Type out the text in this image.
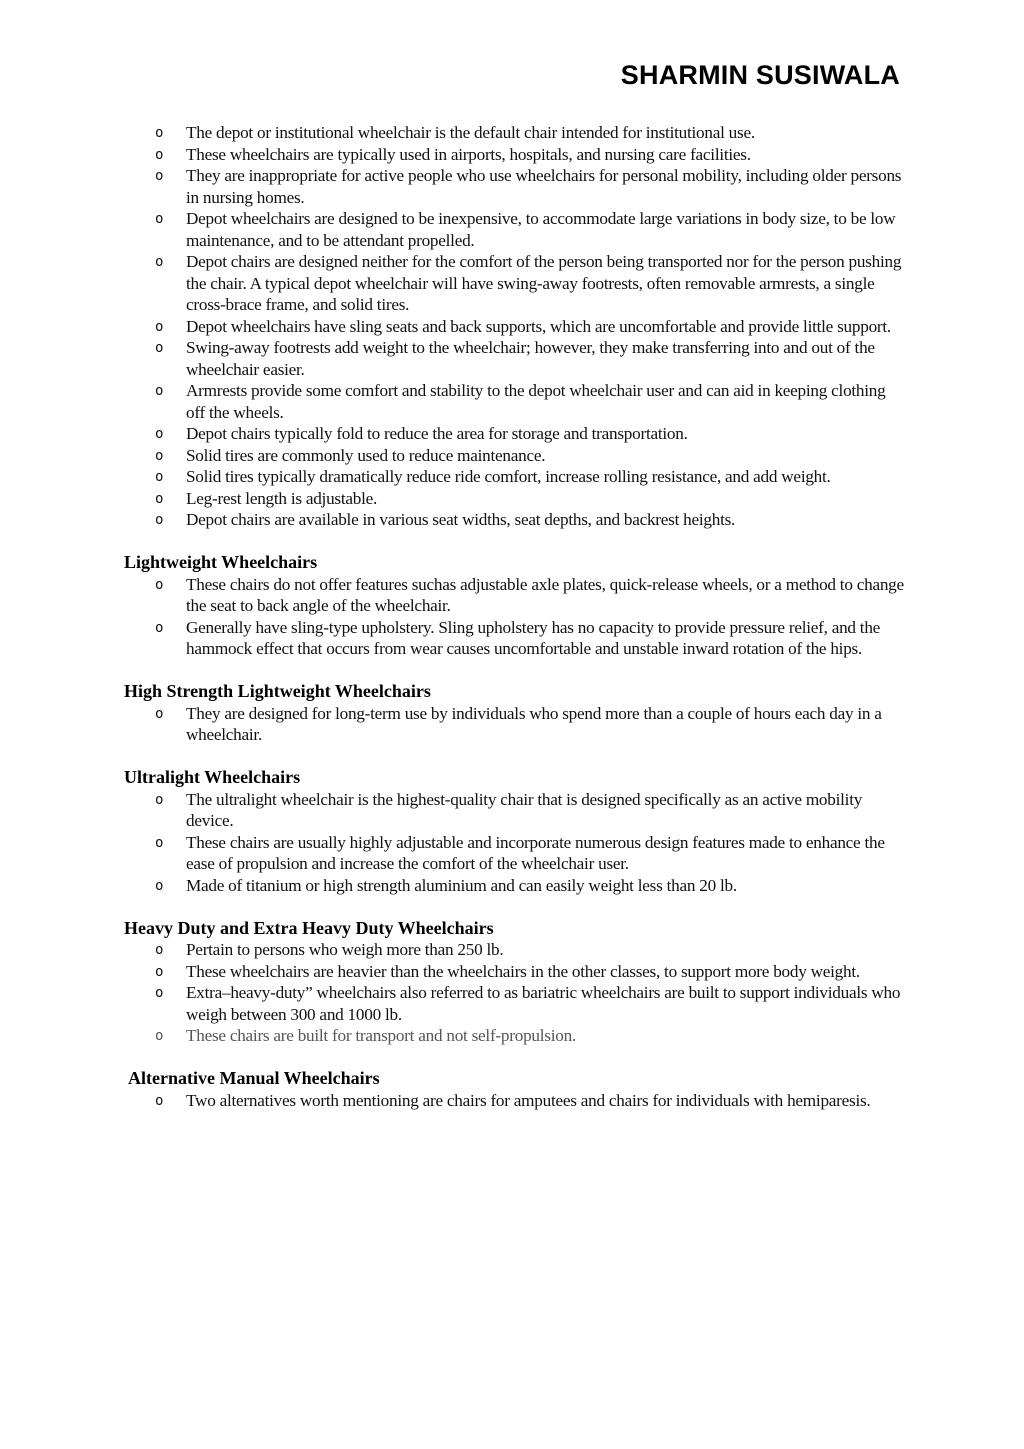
SHARMIN SUSIWALA
o The depot or institutional wheelchair is the default chair intended for institutional use.
o These wheelchairs are typically used in airports, hospitals, and nursing care facilities.
o They are inappropriate for active people who use wheelchairs for personal mobility, including older persons in nursing homes.
o Depot wheelchairs are designed to be inexpensive, to accommodate large variations in body size, to be low maintenance, and to be attendant propelled.
o Depot chairs are designed neither for the comfort of the person being transported nor for the person pushing the chair. A typical depot wheelchair will have swing-away footrests, often removable armrests, a single cross-brace frame, and solid tires.
o Depot wheelchairs have sling seats and back supports, which are uncomfortable and provide little support.
o Swing-away footrests add weight to the wheelchair; however, they make transferring into and out of the wheelchair easier.
o Armrests provide some comfort and stability to the depot wheelchair user and can aid in keeping clothing off the wheels.
o Depot chairs typically fold to reduce the area for storage and transportation.
o Solid tires are commonly used to reduce maintenance.
o Solid tires typically dramatically reduce ride comfort, increase rolling resistance, and add weight.
o Leg-rest length is adjustable.
o Depot chairs are available in various seat widths, seat depths, and backrest heights.
Lightweight Wheelchairs
o These chairs do not offer features suchas adjustable axle plates, quick-release wheels, or a method to change the seat to back angle of the wheelchair.
o Generally have sling-type upholstery. Sling upholstery has no capacity to provide pressure relief, and the hammock effect that occurs from wear causes uncomfortable and unstable inward rotation of the hips.
High Strength Lightweight Wheelchairs
o They are designed for long-term use by individuals who spend more than a couple of hours each day in a wheelchair.
Ultralight Wheelchairs
o The ultralight wheelchair is the highest-quality chair that is designed specifically as an active mobility device.
o These chairs are usually highly adjustable and incorporate numerous design features made to enhance the ease of propulsion and increase the comfort of the wheelchair user.
o Made of titanium or high strength aluminium and can easily weight less than 20 lb.
Heavy Duty and Extra Heavy Duty Wheelchairs
o Pertain to persons who weigh more than 250 lb.
o These wheelchairs are heavier than the wheelchairs in the other classes, to support more body weight.
o Extra–heavy-duty” wheelchairs also referred to as bariatric wheelchairs are built to support individuals who weigh between 300 and 1000 lb.
o These chairs are built for transport and not self-propulsion.
Alternative Manual Wheelchairs
o Two alternatives worth mentioning are chairs for amputees and chairs for individuals with hemiparesis.
